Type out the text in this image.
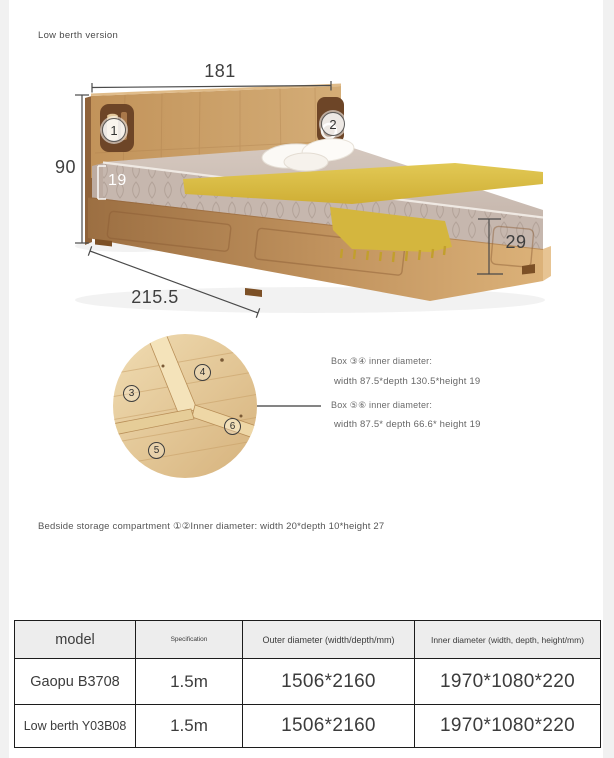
Low berth version
181
90
19
215.5
29
1	2
3
4
5
6
Box ③④ inner diameter:
width 87.5*depth 130.5*height 19
Box ⑤⑥ inner diameter:
width 87.5* depth 66.6* height 19
Bedside storage compartment ①②Inner diameter: width 20*depth 10*height 27
model	Specification	Outer diameter (width/depth/mm)	Inner diameter (width, depth, height/mm)
Gaopu B3708	1.5m	1506*2160	1970*1080*220
Low berth Y03B08	1.5m	1506*2160	1970*1080*220
